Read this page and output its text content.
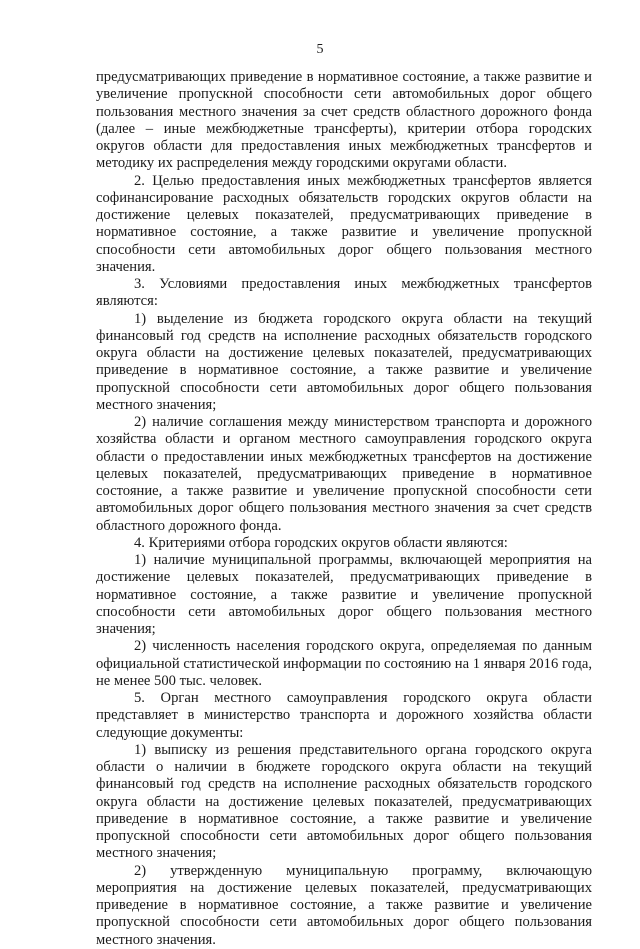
5

предусматривающих приведение в нормативное состояние, а также развитие и увеличение пропускной способности сети автомобильных дорог общего пользования местного значения за счет средств областного дорожного фонда (далее – иные межбюджетные трансферты), критерии отбора городских округов области для предоставления иных межбюджетных трансфертов и методику их распределения между городскими округами области.

2. Целью предоставления иных межбюджетных трансфертов является софинансирование расходных обязательств городских округов области на достижение целевых показателей, предусматривающих приведение в нормативное состояние, а также развитие и увеличение пропускной способности сети автомобильных дорог общего пользования местного значения.

3. Условиями предоставления иных межбюджетных трансфертов являются:

1) выделение из бюджета городского округа области на текущий финансовый год средств на исполнение расходных обязательств городского округа области на достижение целевых показателей, предусматривающих приведение в нормативное состояние, а также развитие и увеличение пропускной способности сети автомобильных дорог общего пользования местного значения;

2) наличие соглашения между министерством транспорта и дорожного хозяйства области и органом местного самоуправления городского округа области о предоставлении иных межбюджетных трансфертов на достижение целевых показателей, предусматривающих приведение в нормативное состояние, а также развитие и увеличение пропускной способности сети автомобильных дорог общего пользования местного значения за счет средств областного дорожного фонда.

4. Критериями отбора городских округов области являются:

1) наличие муниципальной программы, включающей мероприятия на достижение целевых показателей, предусматривающих приведение в нормативное состояние, а также развитие и увеличение пропускной способности сети автомобильных дорог общего пользования местного значения;

2) численность населения городского округа, определяемая по данным официальной статистической информации по состоянию на 1 января 2016 года, не менее 500 тыс. человек.

5. Орган местного самоуправления городского округа области представляет в министерство транспорта и дорожного хозяйства области следующие документы:

1) выписку из решения представительного органа городского округа области о наличии в бюджете городского округа области на текущий финансовый год средств на исполнение расходных обязательств городского округа области на достижение целевых показателей, предусматривающих приведение в нормативное состояние, а также развитие и увеличение пропускной способности сети автомобильных дорог общего пользования местного значения;

2) утвержденную муниципальную программу, включающую мероприятия на достижение целевых показателей, предусматривающих приведение в нормативное состояние, а также развитие и увеличение пропускной способности сети автомобильных дорог общего пользования местного значения.
